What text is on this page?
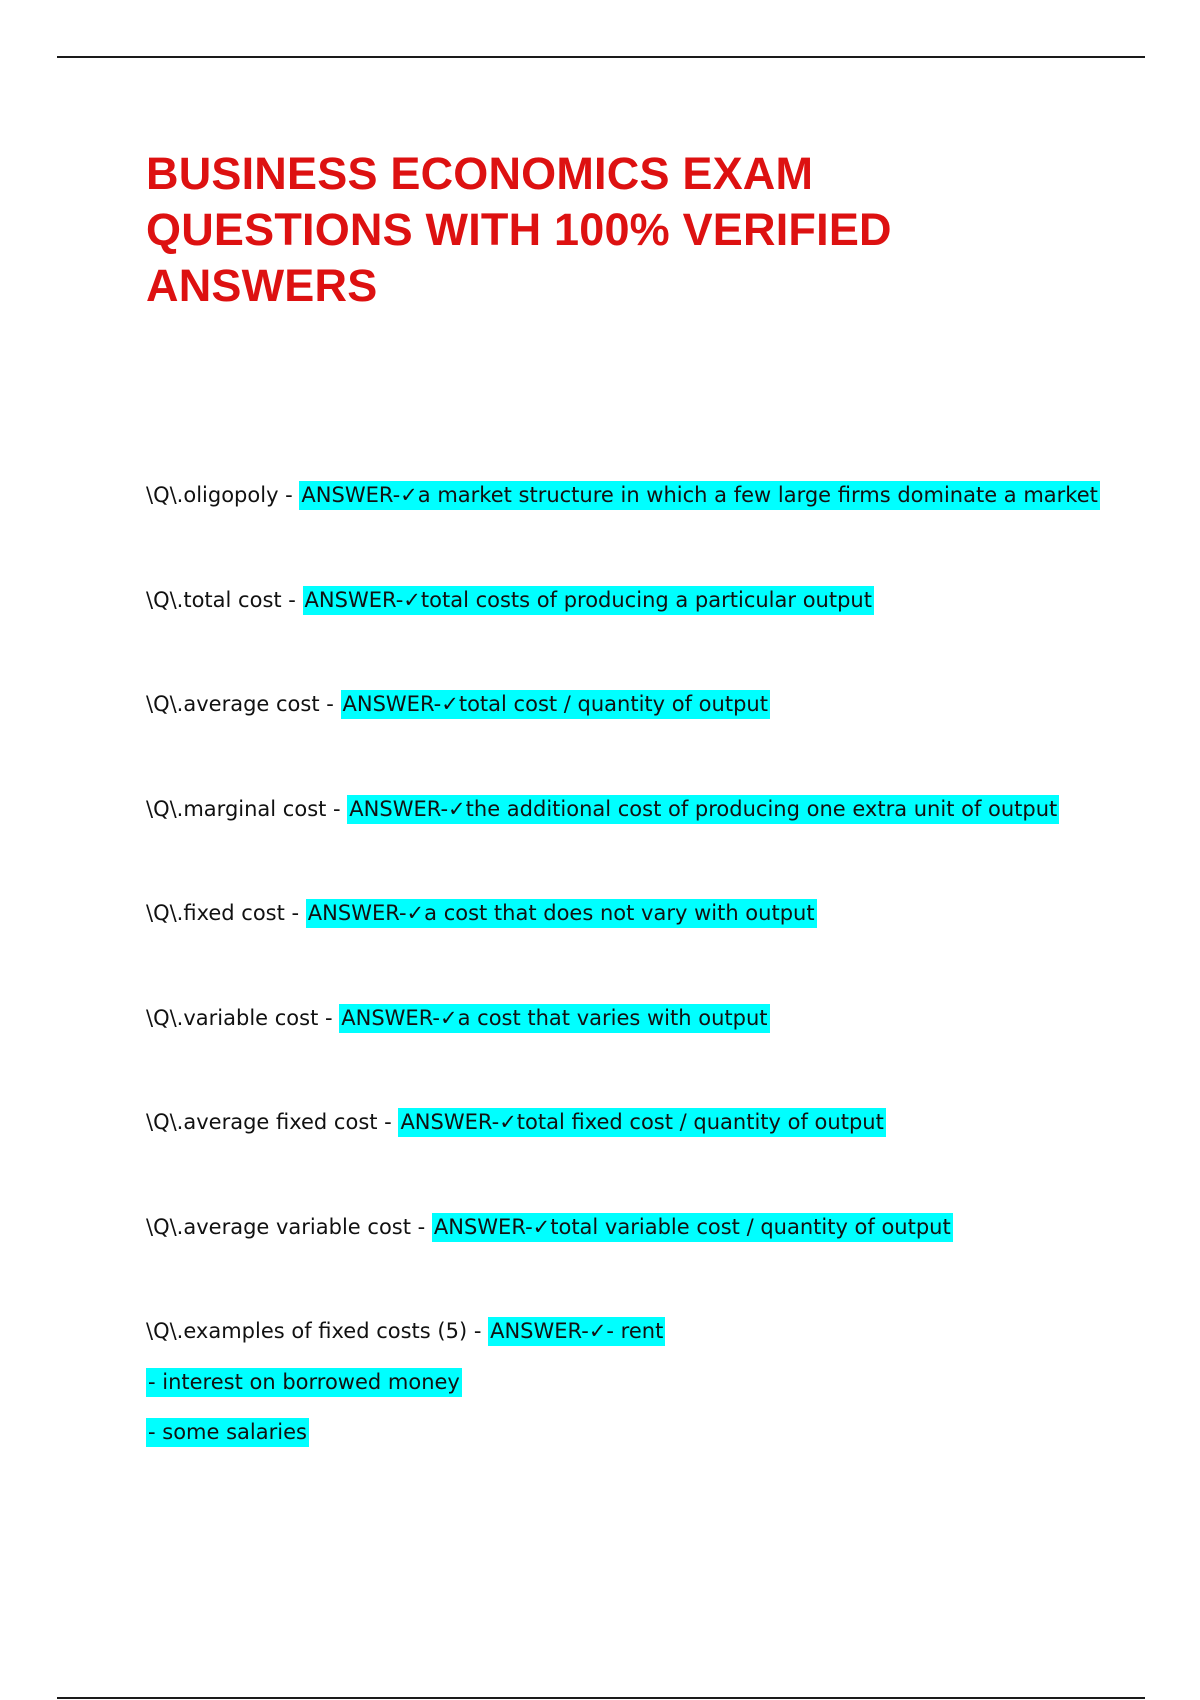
BUSINESS ECONOMICS EXAM QUESTIONS WITH 100% VERIFIED ANSWERS
\Q\.oligopoly - ANSWER-✓a market structure in which a few large firms dominate a market
\Q\.total cost - ANSWER-✓total costs of producing a particular output
\Q\.average cost - ANSWER-✓total cost / quantity of output
\Q\.marginal cost - ANSWER-✓the additional cost of producing one extra unit of output
\Q\.fixed cost - ANSWER-✓a cost that does not vary with output
\Q\.variable cost - ANSWER-✓a cost that varies with output
\Q\.average fixed cost - ANSWER-✓total fixed cost / quantity of output
\Q\.average variable cost - ANSWER-✓total variable cost / quantity of output
\Q\.examples of fixed costs (5) - ANSWER-✓- rent
- interest on borrowed money
- some salaries
